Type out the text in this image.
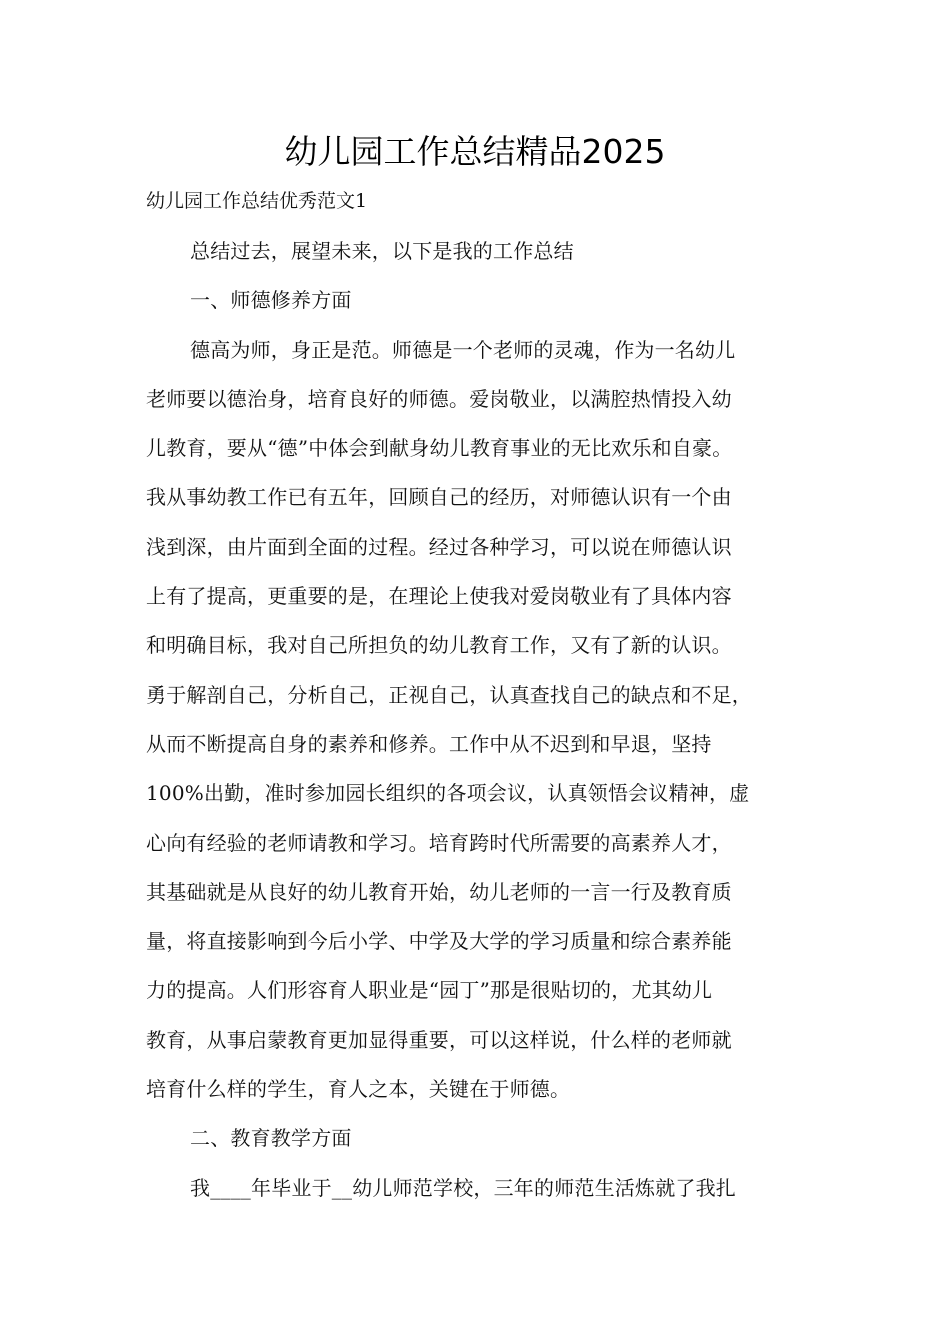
幼儿园工作总结精品2025

幼儿园工作总结优秀范文1

总结过去，展望未来，以下是我的工作总结
一、师德修养方面
德高为师，身正是范。师德是一个老师的灵魂，作为一名幼儿
老师要以德治身，培育良好的师德。爱岗敬业，以满腔热情投入幼
儿教育，要从“德”中体会到献身幼儿教育事业的无比欢乐和自豪。
我从事幼教工作已有五年，回顾自己的经历，对师德认识有一个由
浅到深，由片面到全面的过程。经过各种学习，可以说在师德认识
上有了提高，更重要的是，在理论上使我对爱岗敬业有了具体内容
和明确目标，我对自己所担负的幼儿教育工作，又有了新的认识。
勇于解剖自己，分析自己，正视自己，认真查找自己的缺点和不足，
从而不断提高自身的素养和修养。工作中从不迟到和早退，坚持
100%出勤，准时参加园长组织的各项会议，认真领悟会议精神，虚
心向有经验的老师请教和学习。培育跨时代所需要的高素养人才，
其基础就是从良好的幼儿教育开始，幼儿老师的一言一行及教育质
量，将直接影响到今后小学、中学及大学的学习质量和综合素养能
力的提高。人们形容育人职业是“园丁”那是很贴切的，尤其幼儿
教育，从事启蒙教育更加显得重要，可以这样说，什么样的老师就
培育什么样的学生，育人之本，关键在于师德。
二、教育教学方面
我____年毕业于__幼儿师范学校，三年的师范生活炼就了我扎
